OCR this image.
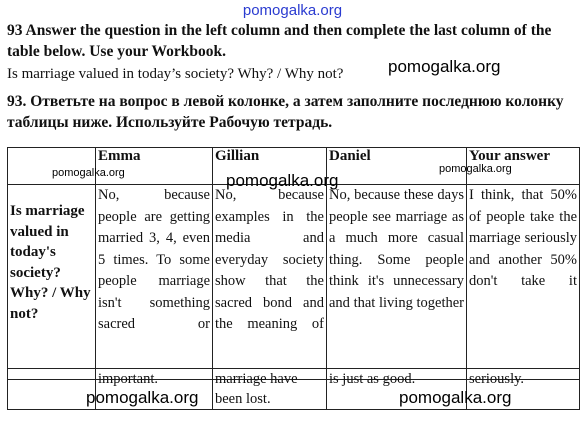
pomogalka.org
93 Answer the question in the left column and then complete the last column of the table below. Use your Workbook.
Is marriage valued in today’s society? Why? / Why not?
93. Ответьте на вопрос в левой колонке, а затем заполните последнюю колонку таблицы ниже. Используйте Рабочую тетрадь.
	Emma	Gillian	Daniel	Your answer
Is marriage valued in today's society? Why? / Why not?	No, because people are getting married 3, 4, even 5 times. To some people marriage isn't something sacred or	No, because examples in the media and everyday society show that the sacred bond and the meaning of	No, because these days people see marriage as a much more casual thing. Some people think it's unnecessary and that living together	I think, that 50% of people take the marriage seriously and another 50% don't take it
	important.	marriage have been lost.	is just as good.	seriously.
pomogalka.org
pomogalka.org	pomogalka.org
pomogalka.org
pomogalka.org	pomogalka.org
